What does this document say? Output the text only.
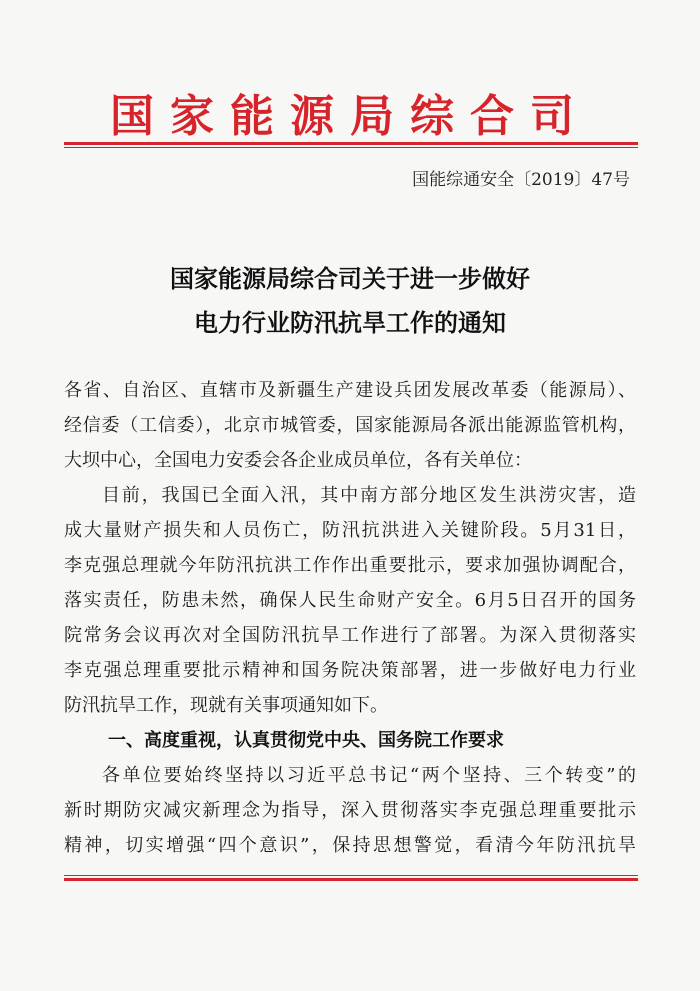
国家能源局综合司
国能综通安全〔2019〕47号
国家能源局综合司关于进一步做好
电力行业防汛抗旱工作的通知
各省、自治区、直辖市及新疆生产建设兵团发展改革委（能源局）、
经信委（工信委），北京市城管委，国家能源局各派出能源监管机构，
大坝中心，全国电力安委会各企业成员单位，各有关单位：
目前，我国已全面入汛，其中南方部分地区发生洪涝灾害，造
成大量财产损失和人员伤亡，防汛抗洪进入关键阶段。5月31日，
李克强总理就今年防汛抗洪工作作出重要批示，要求加强协调配合，
落实责任，防患未然，确保人民生命财产安全。6月5日召开的国务
院常务会议再次对全国防汛抗旱工作进行了部署。为深入贯彻落实
李克强总理重要批示精神和国务院决策部署，进一步做好电力行业
防汛抗旱工作，现就有关事项通知如下。
一、高度重视，认真贯彻党中央、国务院工作要求
各单位要始终坚持以习近平总书记“两个坚持、三个转变”的
新时期防灾减灾新理念为指导，深入贯彻落实李克强总理重要批示
精神，切实增强“四个意识”，保持思想警觉，看清今年防汛抗旱
